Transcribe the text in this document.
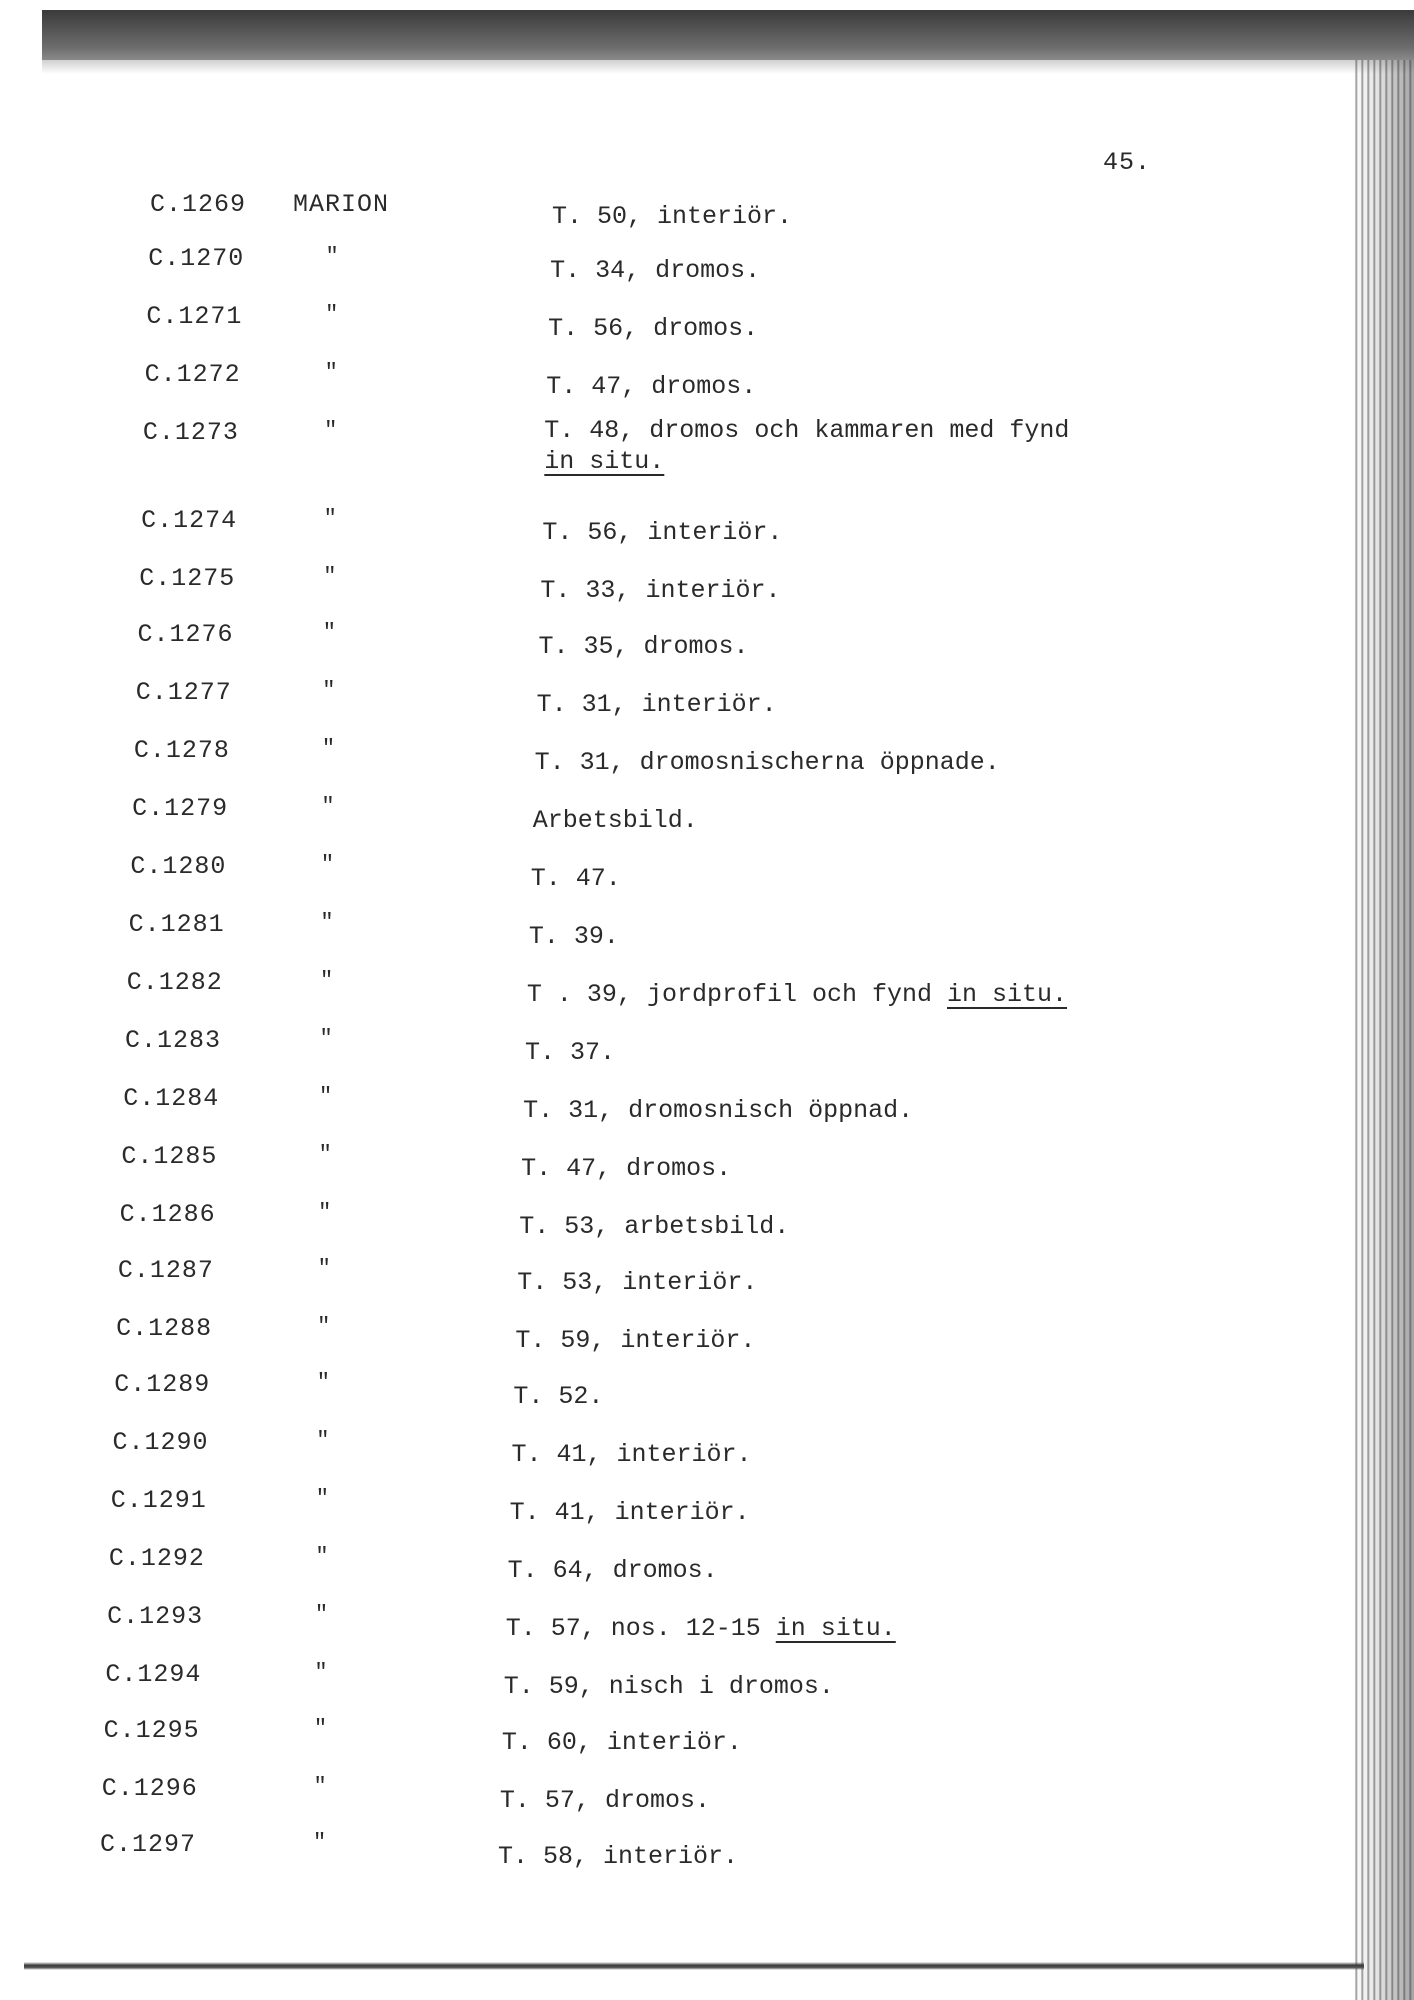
45.
C.1269 MARION	T. 50, interiör.
C.1270	"	T. 34, dromos.
C.1271	"	T. 56, dromos.
C.1272	"	T. 47, dromos.
C.1273	"	T. 48, dromos och kammaren med fynd
in situ.
C.1274	"	T. 56, interiör.
C.1275	"	T. 33, interiör.
C.1276	"	T. 35, dromos.
C.1277	"	T. 31, interiör.
C.1278	"	T. 31, dromosnischerna öppnade.
C.1279	"	Arbetsbild.
C.1280	"	T. 47.
C.1281	"	T. 39.
C.1282	"	T . 39, jordprofil och fynd in situ.
C.1283	"	T. 37.
C.1284	"	T. 31, dromosnisch öppnad.
C.1285	"	T. 47, dromos.
C.1286	"	T. 53, arbetsbild.
C.1287	"	T. 53, interiör.
C.1288	"	T. 59, interiör.
C.1289	"	T. 52.
C.1290	"	T. 41, interiör.
C.1291	"	T. 41, interiör.
C.1292	"	T. 64, dromos.
C.1293	"	T. 57, nos. 12-15 in situ.
C.1294	"	T. 59, nisch i dromos.
C.1295	"	T. 60, interiör.
C.1296	"	T. 57, dromos.
C.1297	"	T. 58, interiör.
